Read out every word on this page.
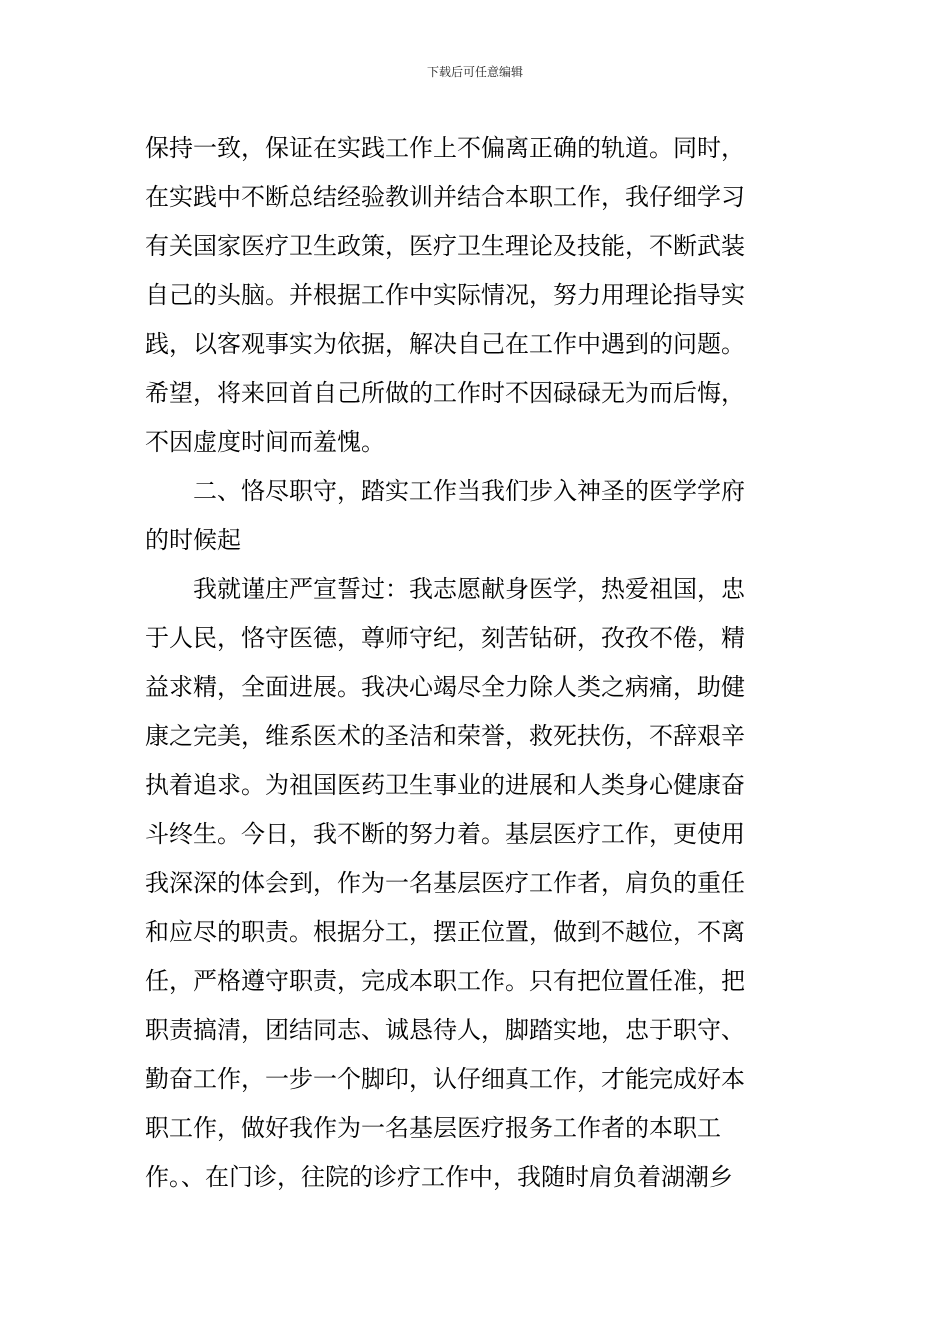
下载后可任意编辑
保持一致，保证在实践工作上不偏离正确的轨道。同时，
在实践中不断总结经验教训并结合本职工作，我仔细学习
有关国家医疗卫生政策，医疗卫生理论及技能，不断武装
自己的头脑。并根据工作中实际情况，努力用理论指导实
践，以客观事实为依据，解决自己在工作中遇到的问题。
希望，将来回首自己所做的工作时不因碌碌无为而后悔，
不因虚度时间而羞愧。
　　二、恪尽职守，踏实工作当我们步入神圣的医学学府
的时候起
　　我就谨庄严宣誓过：我志愿献身医学，热爱祖国，忠
于人民，恪守医德，尊师守纪，刻苦钻研，孜孜不倦，精
益求精，全面进展。我决心竭尽全力除人类之病痛，助健
康之完美，维系医术的圣洁和荣誉，救死扶伤，不辞艰辛
执着追求。为祖国医药卫生事业的进展和人类身心健康奋
斗终生。今日，我不断的努力着。基层医疗工作，更使用
我深深的体会到，作为一名基层医疗工作者，肩负的重任
和应尽的职责。根据分工，摆正位置，做到不越位，不离
任，严格遵守职责，完成本职工作。只有把位置任准，把
职责搞清，团结同志、诚恳待人，脚踏实地，忠于职守、
勤奋工作，一步一个脚印，认仔细真工作，才能完成好本
职工作，做好我作为一名基层医疗报务工作者的本职工
作。、在门诊，往院的诊疗工作中，我随时肩负着湖潮乡
